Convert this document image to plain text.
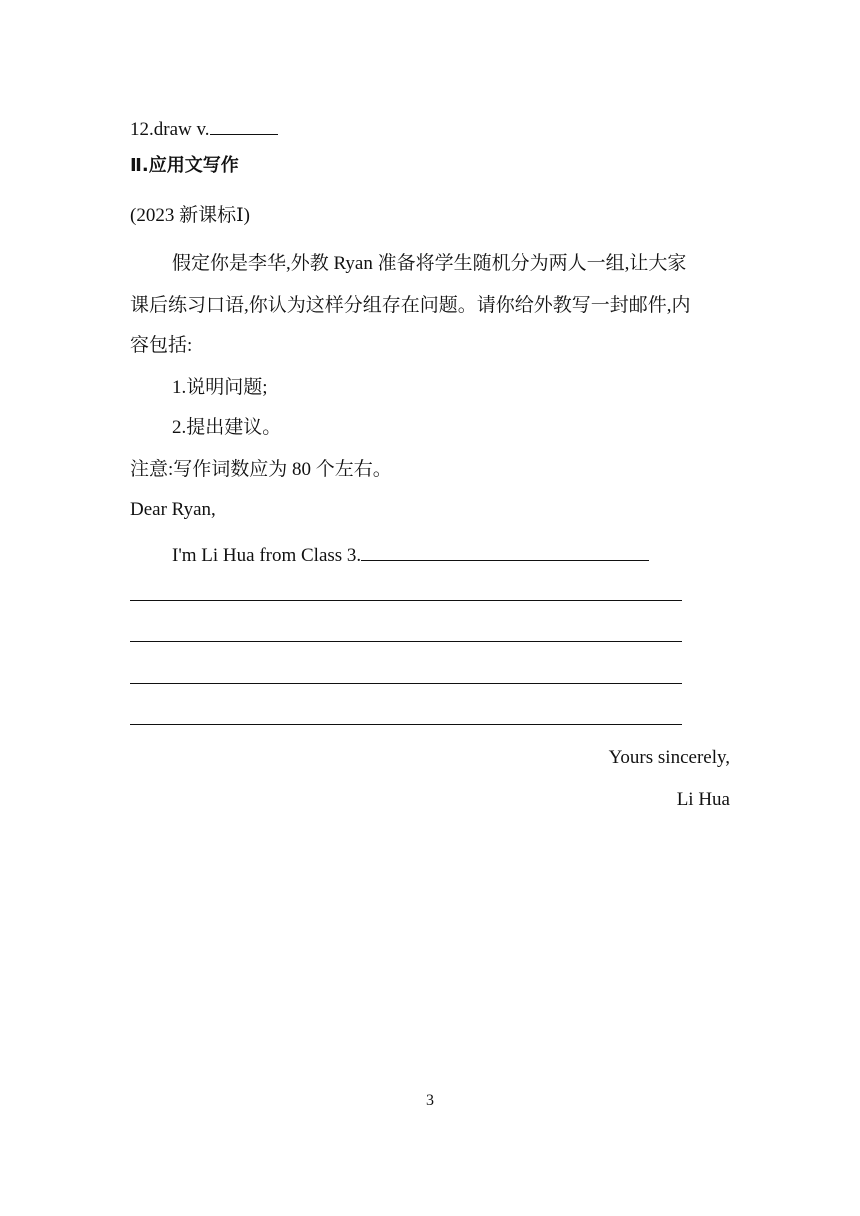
12.draw v.
Ⅱ.应用文写作
(2023 新课标Ⅰ)
假定你是李华,外教 Ryan 准备将学生随机分为两人一组,让大家
课后练习口语,你认为这样分组存在问题。请你给外教写一封邮件,内
容包括:
1.说明问题;
2.提出建议。
注意:写作词数应为 80 个左右。
Dear Ryan,
I'm Li Hua from Class 3.
Yours sincerely,
Li Hua
3
